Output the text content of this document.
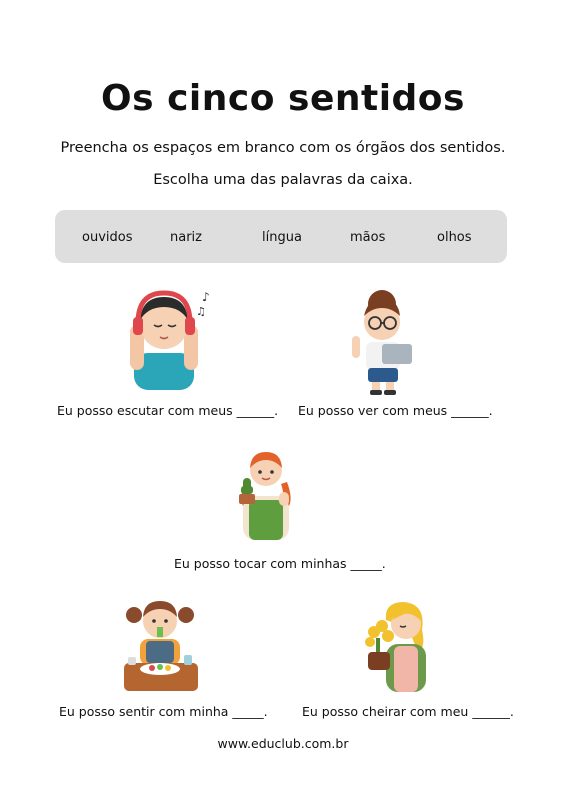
Os cinco sentidos
Preencha os espaços em branco com os órgãos dos sentidos.
Escolha uma das palavras da caixa.
ouvidos	nariz	língua	mãos	olhos
♪
♫
Eu posso escutar com meus ______. Eu posso ver com meus ______.
Eu posso tocar com minhas _____.
Eu posso sentir com minha _____.	Eu posso cheirar com meu ______.
www.educlub.com.br
